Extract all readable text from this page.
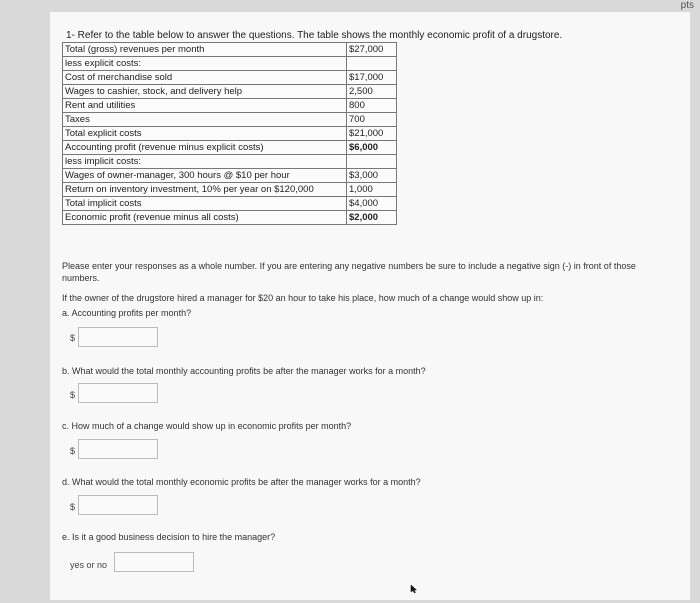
pts
1- Refer to the table below to answer the questions. The table shows the monthly economic profit of a drugstore.
Total (gross) revenues per month	$27,000
less explicit costs:	
Cost of merchandise sold	$17,000
Wages to cashier, stock, and delivery help	2,500
Rent and utilities	800
Taxes	700
Total explicit costs	$21,000
Accounting profit (revenue minus explicit costs)	$6,000
less implicit costs:	
Wages of owner-manager, 300 hours @ $10 per hour	$3,000
Return on inventory investment, 10% per year on $120,000	1,000
Total implicit costs	$4,000
Economic profit (revenue minus all costs)	$2,000
Please enter your responses as a whole number. If you are entering any negative numbers be sure to include a negative sign (-) in front of those numbers.
If the owner of the drugstore hired a manager for $20 an hour to take his place, how much of a change would show up in:
a. Accounting profits per month?
$
b. What would the total monthly accounting profits be after the manager works for a month?
$
c. How much of a change would show up in economic profits per month?
$
d. What would the total monthly economic profits be after the manager works for a month?
$
e. Is it a good business decision to hire the manager?
yes or no
